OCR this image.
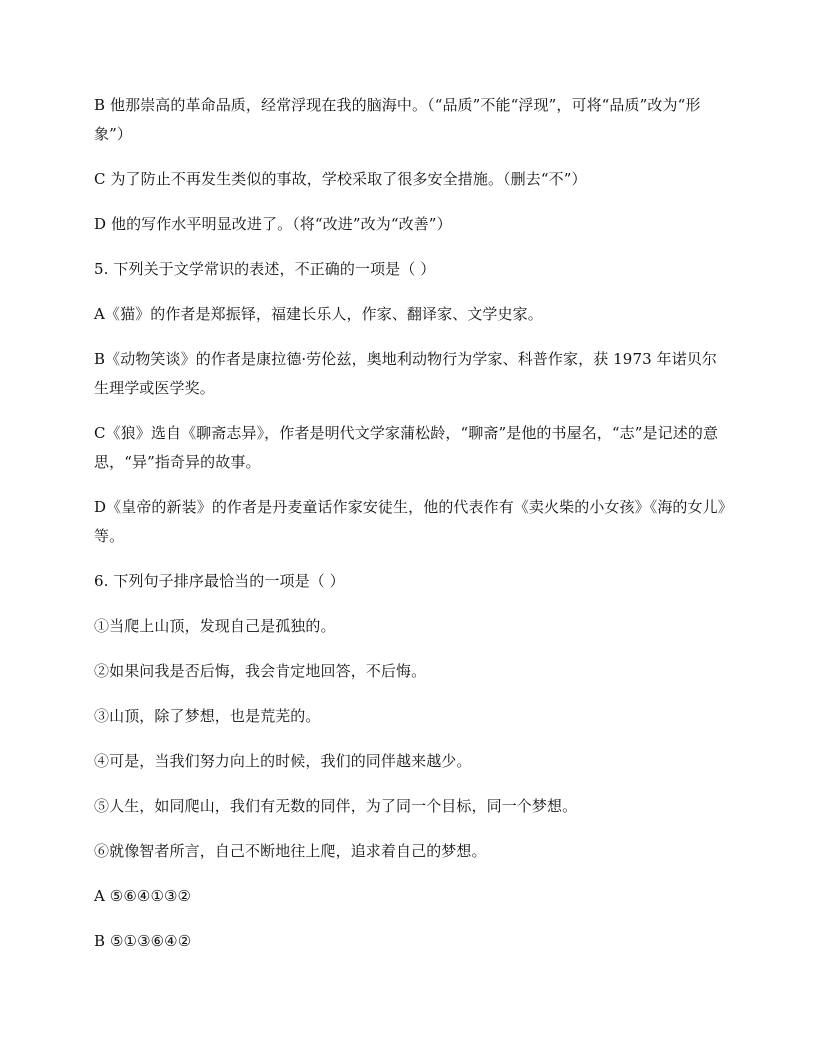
B 他那崇高的革命品质，经常浮现在我的脑海中。（“品质”不能“浮现”，可将“品质”改为“形象”）

C 为了防止不再发生类似的事故，学校采取了很多安全措施。（删去“不”）

D 他的写作水平明显改进了。（将“改进”改为“改善”）

5. 下列关于文学常识的表述，不正确的一项是（ ）

A《猫》的作者是郑振铎，福建长乐人，作家、翻译家、文学史家。

B《动物笑谈》的作者是康拉德·劳伦兹，奥地利动物行为学家、科普作家，获 1973 年诺贝尔生理学或医学奖。

C《狼》选自《聊斋志异》，作者是明代文学家蒲松龄，“聊斋”是他的书屋名，“志”是记述的意思，“异”指奇异的故事。

D《皇帝的新装》的作者是丹麦童话作家安徒生，他的代表作有《卖火柴的小女孩》《海的女儿》等。

6. 下列句子排序最恰当的一项是（ ）

①当爬上山顶，发现自己是孤独的。

②如果问我是否后悔，我会肯定地回答，不后悔。

③山顶，除了梦想，也是荒芜的。

④可是，当我们努力向上的时候，我们的同伴越来越少。

⑤人生，如同爬山，我们有无数的同伴，为了同一个目标，同一个梦想。

⑥就像智者所言，自己不断地往上爬，追求着自己的梦想。

A ⑤⑥④①③②

B ⑤①③⑥④②
